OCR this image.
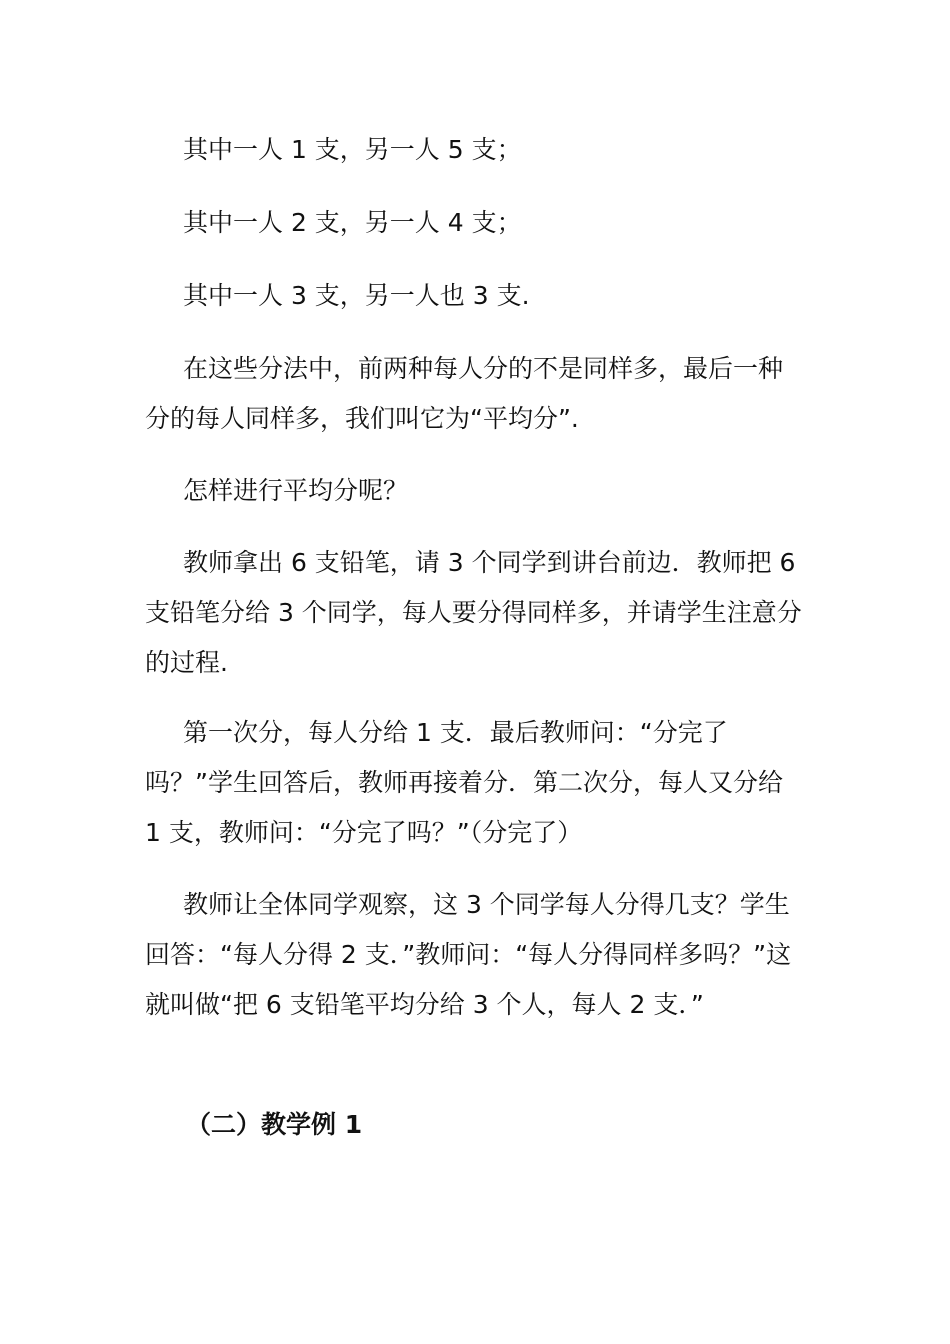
其中一人 1 支，另一人 5 支；

其中一人 2 支，另一人 4 支；

其中一人 3 支，另一人也 3 支.

在这些分法中，前两种每人分的不是同样多，最后一种分的每人同样多，我们叫它为“平均分”.

怎样进行平均分呢？

教师拿出 6 支铅笔，请 3 个同学到讲台前边．教师把 6 支铅笔分给 3 个同学，每人要分得同样多，并请学生注意分的过程.

第一次分，每人分给 1 支．最后教师问：“分完了吗？”学生回答后，教师再接着分．第二次分，每人又分给 1 支，教师问：“分完了吗？”（分完了）

教师让全体同学观察，这 3 个同学每人分得几支？学生回答：“每人分得 2 支．”教师问：“每人分得同样多吗？”这就叫做“把 6 支铅笔平均分给 3 个人，每人 2 支．”

（二）教学例 1
